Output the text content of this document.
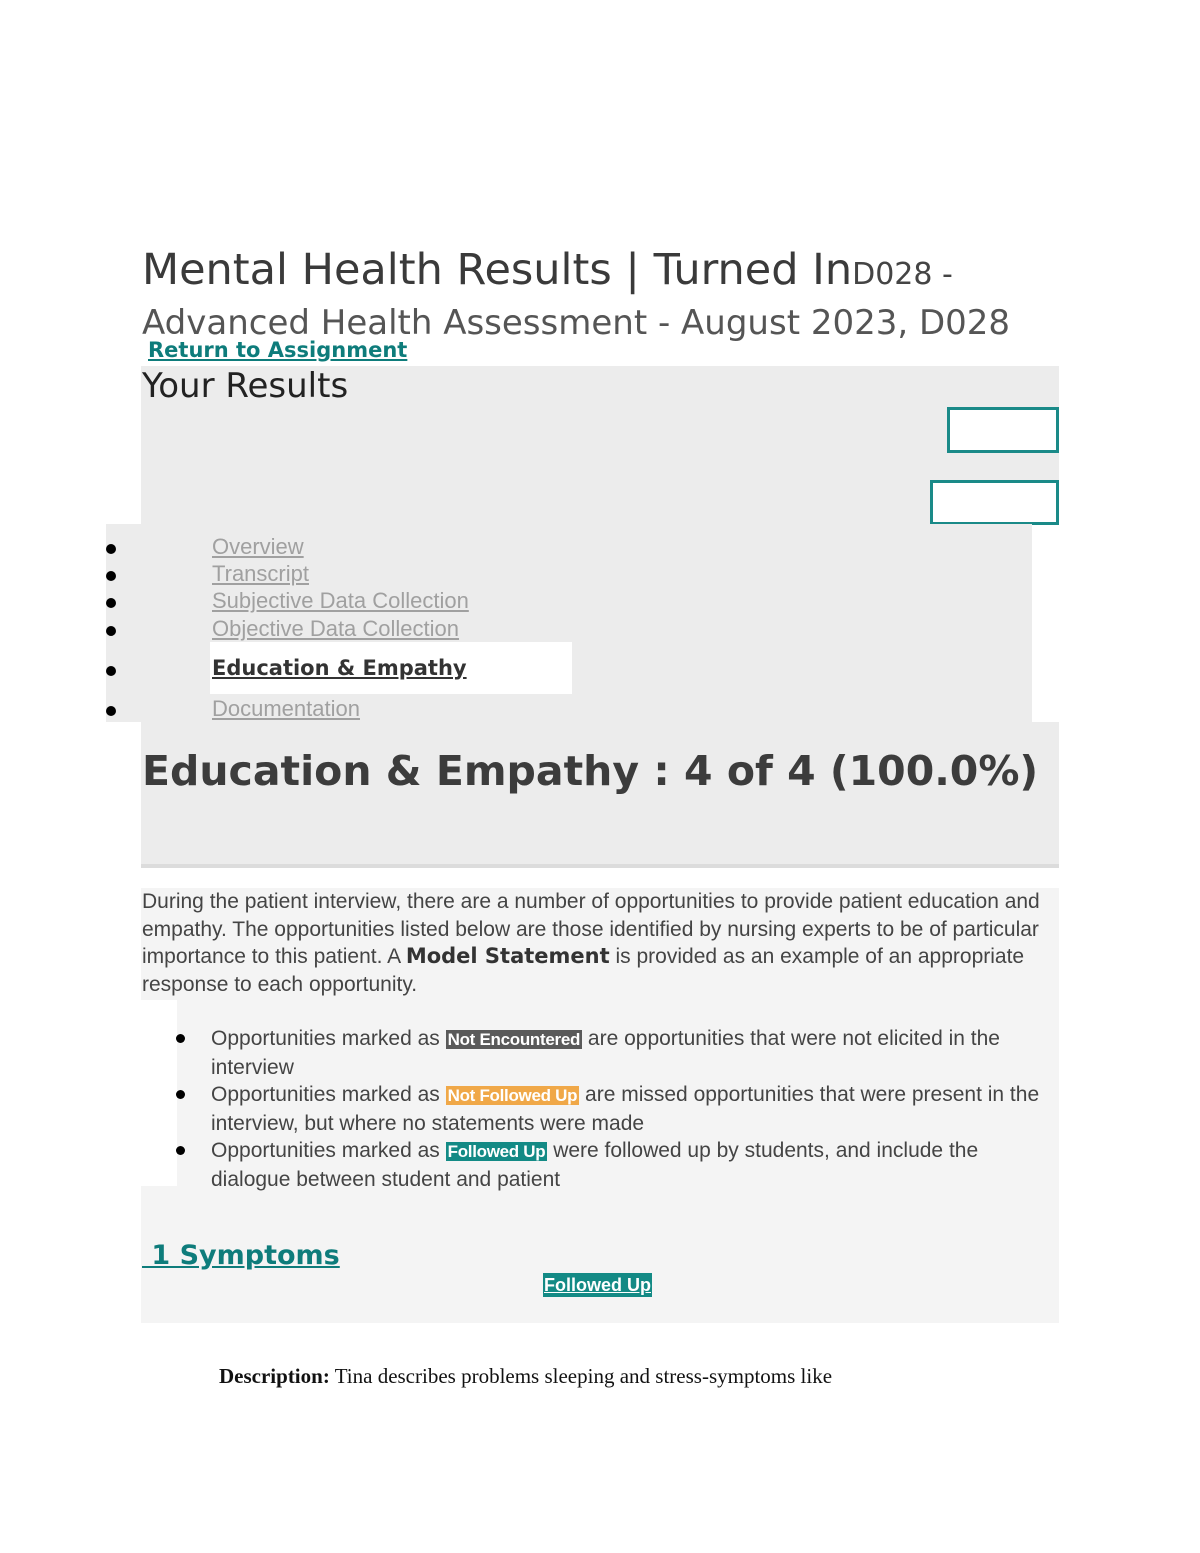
Mental Health Results | Turned InD028 -
Advanced Health Assessment - August 2023, D028
Return to Assignment
Your Results
Reopen
Lab Pass
Overview
Transcript
Subjective Data Collection
Objective Data Collection
Education & Empathy
Documentation
Education & Empathy : 4 of 4 (100.0%)

During the patient interview, there are a number of opportunities to provide patient education and empathy. The opportunities listed below are those identified by nursing experts to be of particular importance to this patient. A Model Statement is provided as an example of an appropriate response to each opportunity.

Opportunities marked as Not Encountered are opportunities that were not elicited in the interview
Opportunities marked as Not Followed Up are missed opportunities that were present in the interview, but where no statements were made
Opportunities marked as Followed Up were followed up by students, and include the dialogue between student and patient
1 Symptoms
Followed Up

Description: Tina describes problems sleeping and stress-symptoms like
